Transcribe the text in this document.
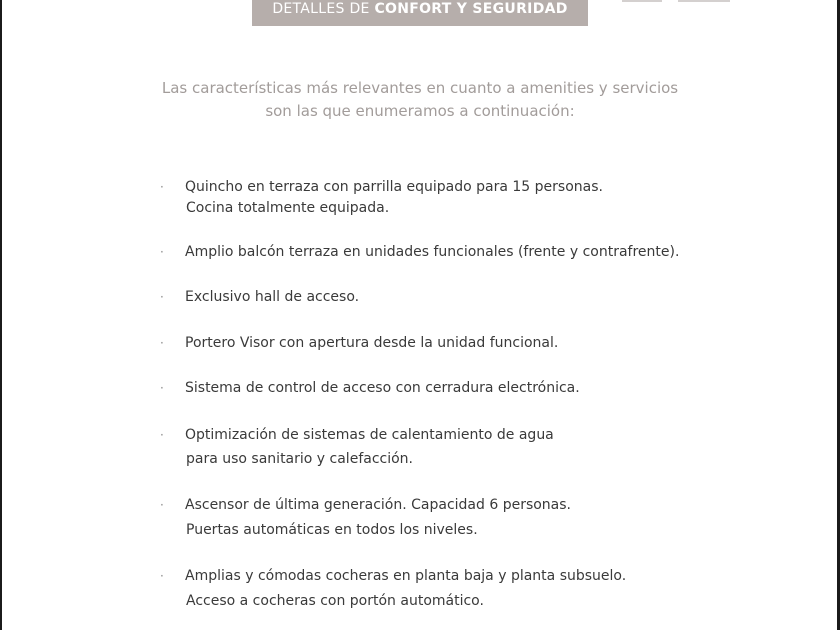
DETALLES DE CONFORT Y SEGURIDAD
Las características más relevantes en cuanto a amenities y servicios
son las que enumeramos a continuación:
· Quincho en terraza con parrilla equipado para 15 personas.
Cocina totalmente equipada.
· Amplio balcón terraza en unidades funcionales (frente y contrafrente).
· Exclusivo hall de acceso.
· Portero Visor con apertura desde la unidad funcional.
· Sistema de control de acceso con cerradura electrónica.
· Optimización de sistemas de calentamiento de agua
para uso sanitario y calefacción.
· Ascensor de última generación. Capacidad 6 personas.
Puertas automáticas en todos los niveles.
· Amplias y cómodas cocheras en planta baja y planta subsuelo.
Acceso a cocheras con portón automático.
